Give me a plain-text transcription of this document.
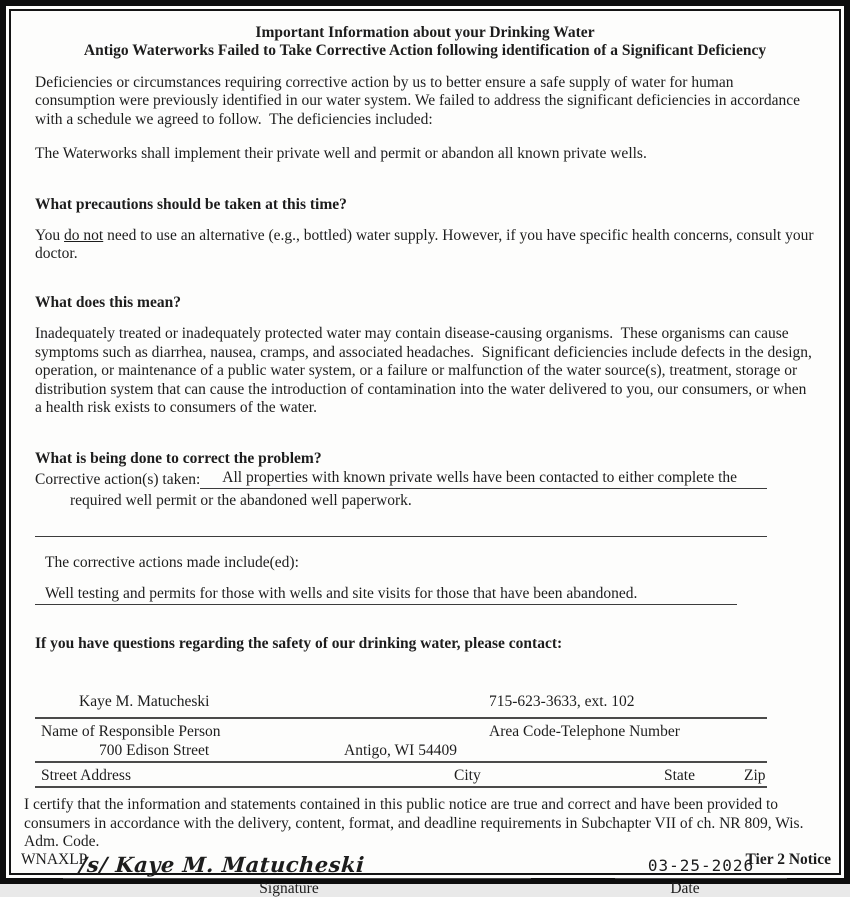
Important Information about your Drinking Water
Antigo Waterworks Failed to Take Corrective Action following identification of a Significant Deficiency

Deficiencies or circumstances requiring corrective action by us to better ensure a safe supply of water for human consumption were previously identified in our water system. We failed to address the significant deficiencies in accordance with a schedule we agreed to follow.  The deficiencies included:

The Waterworks shall implement their private well and permit or abandon all known private wells.

What precautions should be taken at this time?

You do not need to use an alternative (e.g., bottled) water supply. However, if you have specific health concerns, consult your doctor.

What does this mean?

Inadequately treated or inadequately protected water may contain disease-causing organisms.  These organisms can cause symptoms such as diarrhea, nausea, cramps, and associated headaches.  Significant deficiencies include defects in the design, operation, or maintenance of a public water system, or a failure or malfunction of the water source(s), treatment, storage or distribution system that can cause the introduction of contamination into the water delivered to you, our consumers, or when a health risk exists to consumers of the water.

What is being done to correct the problem?

Corrective action(s) taken:	All properties with known private wells have been contacted to either complete the

required well permit or the abandoned well paperwork.

The corrective actions made include(ed):

Well testing and permits for those with wells and site visits for those that have been abandoned.

If you have questions regarding the safety of our drinking water, please contact:

Kaye M. Matucheski	715-623-3633, ext. 102
Name of Responsible Person	Area Code-Telephone Number
700 Edison Street	Antigo, WI 54409
Street Address	City	State	Zip

I certify that the information and statements contained in this public notice are true and correct and have been provided to consumers in accordance with the delivery, content, format, and deadline requirements in Subchapter VII of ch. NR 809, Wis. Adm. Code.

/s/ Kaye M. Matucheski	03-25-2026
Signature	Date
WNAXLP	Tier 2 Notice
